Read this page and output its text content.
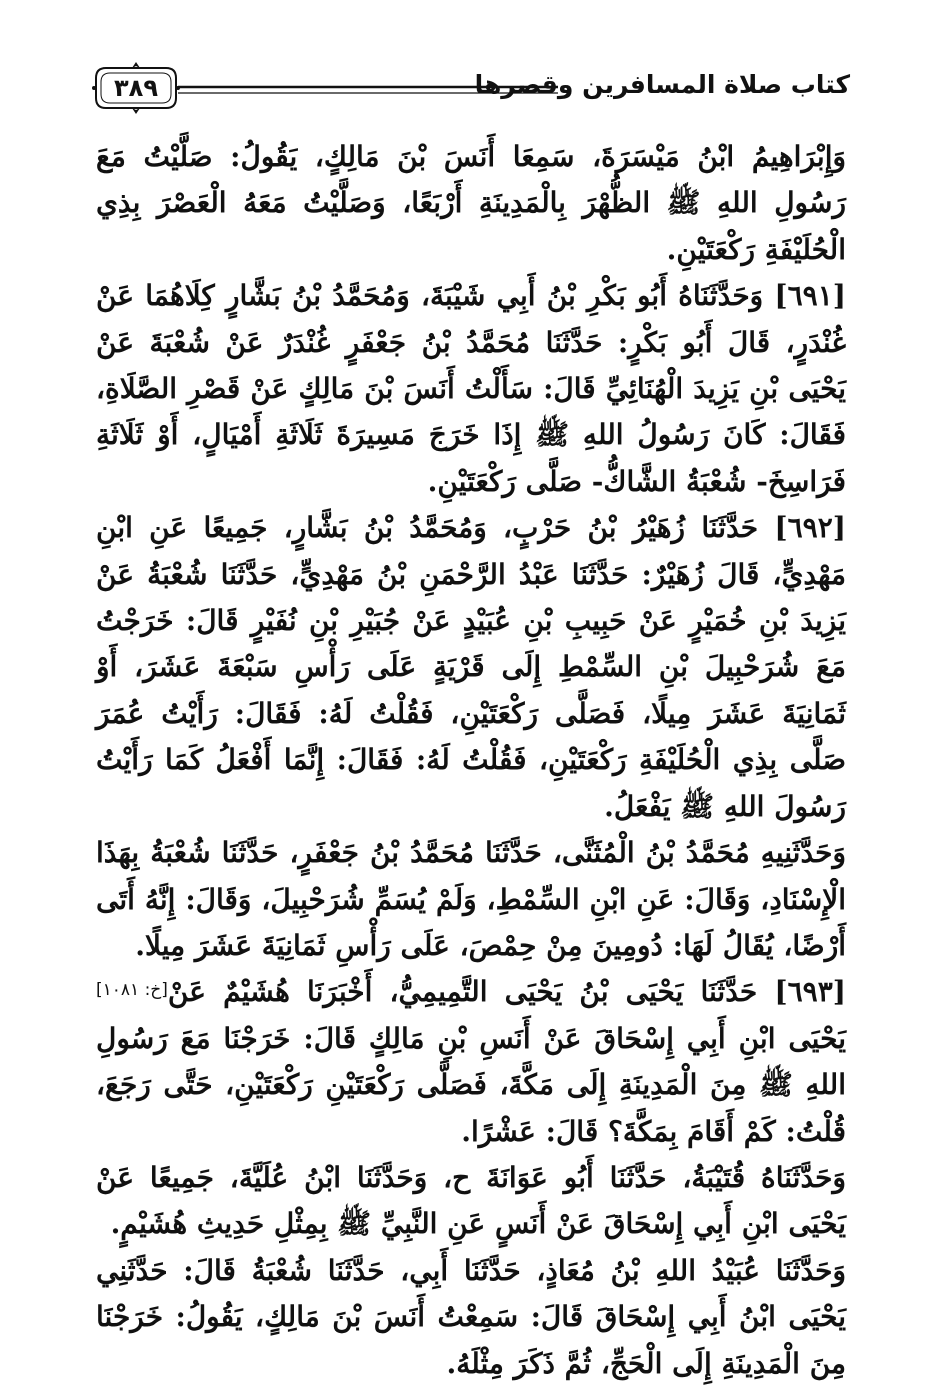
كتاب صلاة المسافرين وقصرها
٣٨٩

وَإِبْرَاهِيمُ ابْنُ مَيْسَرَةَ، سَمِعَا أَنَسَ بْنَ مَالِكٍ، يَقُولُ: صَلَّيْتُ مَعَ رَسُولِ اللهِ ﷺ الظُّهْرَ بِالْمَدِينَةِ أَرْبَعًا، وَصَلَّيْتُ مَعَهُ الْعَصْرَ بِذِي الْحُلَيْفَةِ رَكْعَتَيْنِ.

[٦٩١] وَحَدَّثَنَاهُ أَبُو بَكْرِ بْنُ أَبِي شَيْبَةَ، وَمُحَمَّدُ بْنُ بَشَّارٍ كِلَاهُمَا عَنْ غُنْدَرٍ، قَالَ أَبُو بَكْرٍ: حَدَّثَنَا مُحَمَّدُ بْنُ جَعْفَرٍ غُنْدَرٌ عَنْ شُعْبَةَ عَنْ يَحْيَى بْنِ يَزِيدَ الْهُنَائِيِّ قَالَ: سَأَلْتُ أَنَسَ بْنَ مَالِكٍ عَنْ قَصْرِ الصَّلَاةِ، فَقَالَ: كَانَ رَسُولُ اللهِ ﷺ إِذَا خَرَجَ مَسِيرَةَ ثَلَاثَةِ أَمْيَالٍ، أَوْ ثَلَاثَةِ فَرَاسِخَ- شُعْبَةُ الشَّاكُّ- صَلَّى رَكْعَتَيْنِ.

[٦٩٢] حَدَّثَنَا زُهَيْرُ بْنُ حَرْبٍ، وَمُحَمَّدُ بْنُ بَشَّارٍ، جَمِيعًا عَنِ ابْنِ مَهْدِيٍّ، قَالَ زُهَيْرٌ: حَدَّثَنَا عَبْدُ الرَّحْمَنِ بْنُ مَهْدِيٍّ، حَدَّثَنَا شُعْبَةُ عَنْ يَزِيدَ بْنِ خُمَيْرٍ عَنْ حَبِيبِ بْنِ عُبَيْدٍ عَنْ جُبَيْرِ بْنِ نُفَيْرٍ قَالَ: خَرَجْتُ مَعَ شُرَحْبِيلَ بْنِ السِّمْطِ إِلَى قَرْيَةٍ عَلَى رَأْسِ سَبْعَةَ عَشَرَ، أَوْ ثَمَانِيَةَ عَشَرَ مِيلًا، فَصَلَّى رَكْعَتَيْنِ، فَقُلْتُ لَهُ: فَقَالَ: رَأَيْتُ عُمَرَ صَلَّى بِذِي الْحُلَيْفَةِ رَكْعَتَيْنِ، فَقُلْتُ لَهُ: فَقَالَ: إِنَّمَا أَفْعَلُ كَمَا رَأَيْتُ رَسُولَ اللهِ ﷺ يَفْعَلُ.

وَحَدَّثَنِيهِ مُحَمَّدُ بْنُ الْمُثَنَّى، حَدَّثَنَا مُحَمَّدُ بْنُ جَعْفَرٍ، حَدَّثَنَا شُعْبَةُ بِهَذَا الْإِسْنَادِ، وَقَالَ: عَنِ ابْنِ السِّمْطِ، وَلَمْ يُسَمِّ شُرَحْبِيلَ، وَقَالَ: إِنَّهُ أَتَى أَرْضًا، يُقَالُ لَهَا: دُومِينَ مِنْ حِمْصَ، عَلَى رَأْسِ ثَمَانِيَةَ عَشَرَ مِيلًا.

[خ: ١٠٨١] [٦٩٣] حَدَّثَنَا يَحْيَى بْنُ يَحْيَى التَّمِيمِيُّ، أَخْبَرَنَا هُشَيْمٌ عَنْ يَحْيَى ابْنِ أَبِي إِسْحَاقَ عَنْ أَنَسِ بْنِ مَالِكٍ قَالَ: خَرَجْنَا مَعَ رَسُولِ اللهِ ﷺ مِنَ الْمَدِينَةِ إِلَى مَكَّةَ، فَصَلَّى رَكْعَتَيْنِ رَكْعَتَيْنِ، حَتَّى رَجَعَ، قُلْتُ: كَمْ أَقَامَ بِمَكَّةَ؟ قَالَ: عَشْرًا.

وَحَدَّثَنَاهُ قُتَيْبَةُ، حَدَّثَنَا أَبُو عَوَانَةَ ح، وَحَدَّثَنَا ابْنُ عُلَيَّةَ، جَمِيعًا عَنْ يَحْيَى ابْنِ أَبِي إِسْحَاقَ عَنْ أَنَسٍ عَنِ النَّبِيِّ ﷺ بِمِثْلِ حَدِيثِ هُشَيْمٍ.

وَحَدَّثَنَا عُبَيْدُ اللهِ بْنُ مُعَاذٍ، حَدَّثَنَا أَبِي، حَدَّثَنَا شُعْبَةُ قَالَ: حَدَّثَنِي يَحْيَى ابْنُ أَبِي إِسْحَاقَ قَالَ: سَمِعْتُ أَنَسَ بْنَ مَالِكٍ، يَقُولُ: خَرَجْنَا مِنَ الْمَدِينَةِ إِلَى الْحَجِّ، ثُمَّ ذَكَرَ مِثْلَهُ.
